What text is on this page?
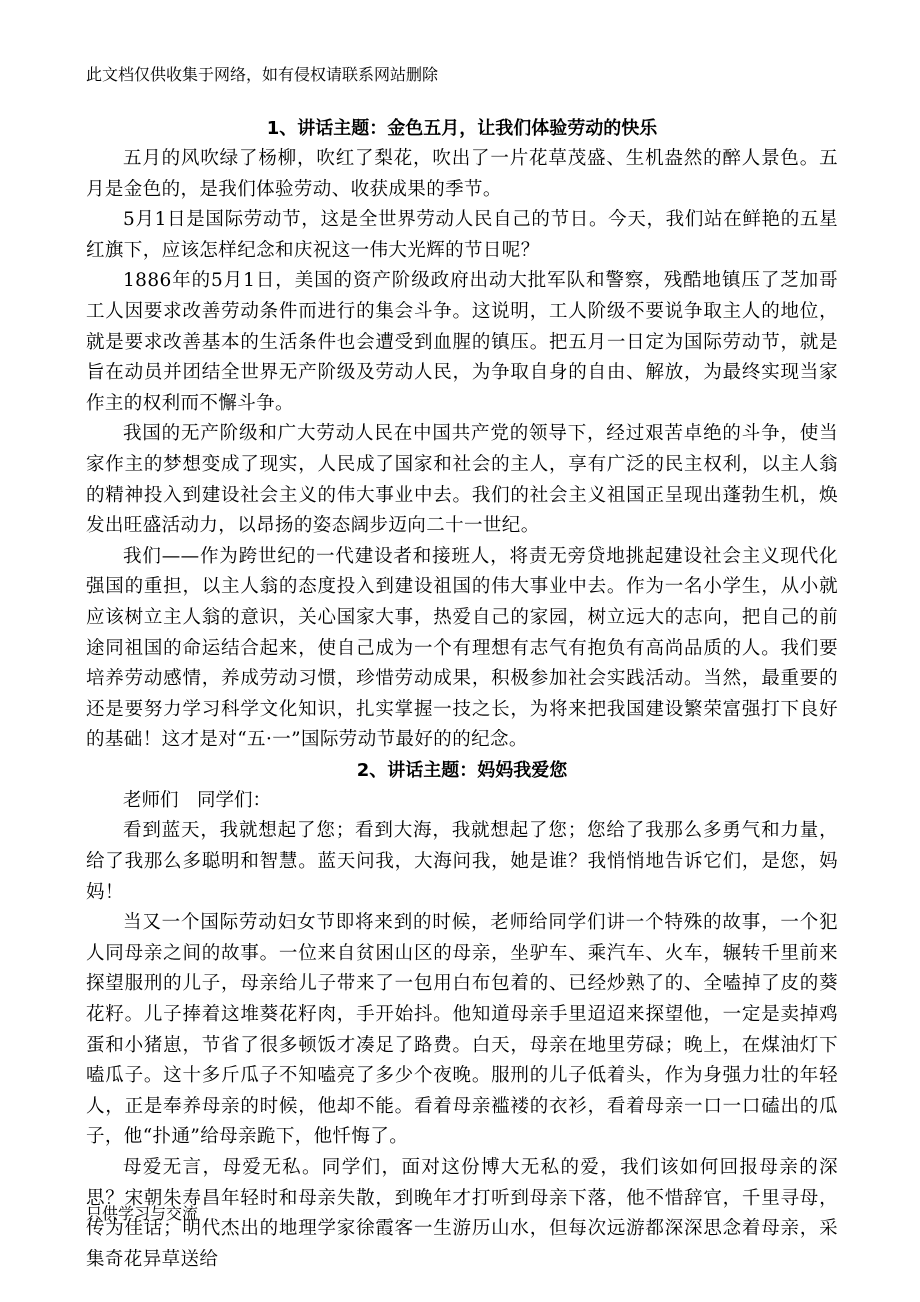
此文档仅供收集于网络，如有侵权请联系网站删除

1、讲话主题：金色五月，让我们体验劳动的快乐

五月的风吹绿了杨柳，吹红了梨花，吹出了一片花草茂盛、生机盎然的醉人景色。五月是金色的，是我们体验劳动、收获成果的季节。

5月1日是国际劳动节，这是全世界劳动人民自己的节日。今天，我们站在鲜艳的五星红旗下，应该怎样纪念和庆祝这一伟大光辉的节日呢？

1886年的5月1日，美国的资产阶级政府出动大批军队和警察，残酷地镇压了芝加哥工人因要求改善劳动条件而进行的集会斗争。这说明，工人阶级不要说争取主人的地位，就是要求改善基本的生活条件也会遭受到血腥的镇压。把五月一日定为国际劳动节，就是旨在动员并团结全世界无产阶级及劳动人民，为争取自身的自由、解放，为最终实现当家作主的权利而不懈斗争。

我国的无产阶级和广大劳动人民在中国共产党的领导下，经过艰苦卓绝的斗争，使当家作主的梦想变成了现实，人民成了国家和社会的主人，享有广泛的民主权利，以主人翁的精神投入到建设社会主义的伟大事业中去。我们的社会主义祖国正呈现出蓬勃生机，焕发出旺盛活动力，以昂扬的姿态阔步迈向二十一世纪。

我们——作为跨世纪的一代建设者和接班人，将责无旁贷地挑起建设社会主义现代化强国的重担，以主人翁的态度投入到建设祖国的伟大事业中去。作为一名小学生，从小就应该树立主人翁的意识，关心国家大事，热爱自己的家园，树立远大的志向，把自己的前途同祖国的命运结合起来，使自己成为一个有理想有志气有抱负有高尚品质的人。我们要培养劳动感情，养成劳动习惯，珍惜劳动成果，积极参加社会实践活动。当然，最重要的还是要努力学习科学文化知识，扎实掌握一技之长，为将来把我国建设繁荣富强打下良好的基础！这才是对“五·一”国际劳动节最好的的纪念。

2、讲话主题：妈妈我爱您

老师们　同学们：

看到蓝天，我就想起了您；看到大海，我就想起了您；您给了我那么多勇气和力量，给了我那么多聪明和智慧。蓝天问我，大海问我，她是谁？我悄悄地告诉它们，是您，妈妈！

当又一个国际劳动妇女节即将来到的时候，老师给同学们讲一个特殊的故事，一个犯人同母亲之间的故事。一位来自贫困山区的母亲，坐驴车、乘汽车、火车，辗转千里前来探望服刑的儿子，母亲给儿子带来了一包用白布包着的、已经炒熟了的、全嗑掉了皮的葵花籽。儿子捧着这堆葵花籽肉，手开始抖。他知道母亲手里迢迢来探望他，一定是卖掉鸡蛋和小猪崽，节省了很多顿饭才凑足了路费。白天，母亲在地里劳碌；晚上，在煤油灯下嗑瓜子。这十多斤瓜子不知嗑亮了多少个夜晚。服刑的儿子低着头，作为身强力壮的年轻人，正是奉养母亲的时候，他却不能。看着母亲褴褛的衣衫，看着母亲一口一口磕出的瓜子，他“扑通”给母亲跪下，他忏悔了。

母爱无言，母爱无私。同学们，面对这份博大无私的爱，我们该如何回报母亲的深思？宋朝朱寿昌年轻时和母亲失散，到晚年才打听到母亲下落，他不惜辞官，千里寻母，传为佳话；明代杰出的地理学家徐霞客一生游历山水，但每次远游都深深思念着母亲，采集奇花异草送给

只供学习与交流
